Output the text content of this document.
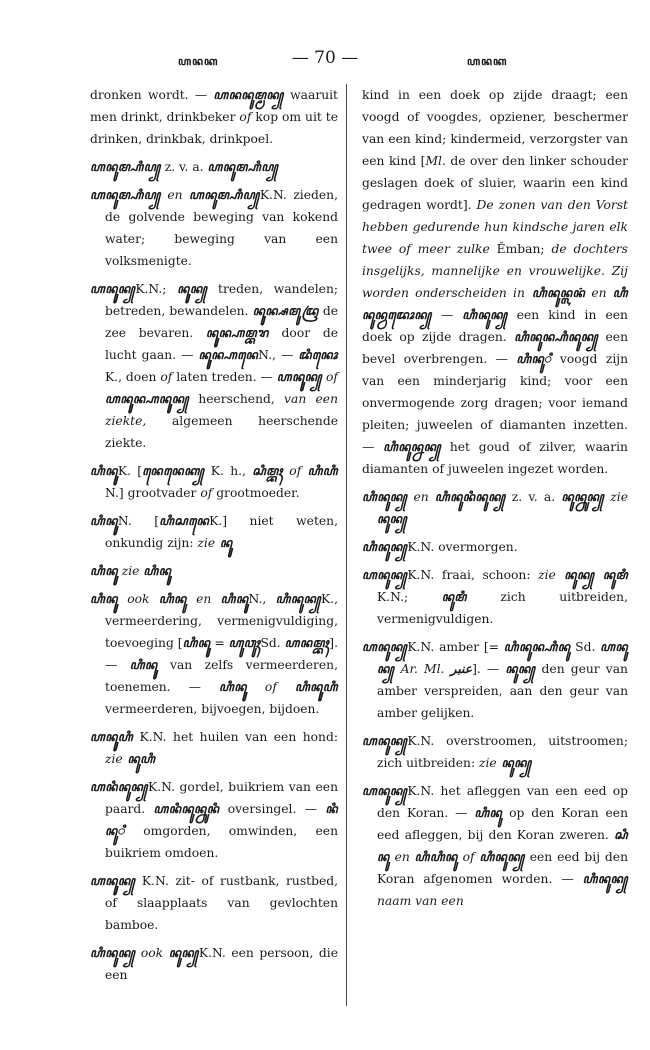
ꦲꦤꦏ	— 70 —	ꦲꦤꦏ

dronken wordt. — ꦲꦤꦤꦸꦩ꧀ꦩꦤ꧀ waaruit men drinkt, drinkbeker of kop om uit te drinken, drinkbak, drinkpoel.

ꦲꦤꦸꦩ꧀ꦲꦶꦥ꧀ z. v. a. ꦲꦤꦸꦩ꧀ꦲꦶꦥ꧀

ꦲꦤꦸꦩ꧀ꦲꦶꦥ꧀ en ꦲꦤꦸꦩ꧀ꦲꦶꦥ꧀K.N. zieden, de golvende beweging van kokend water; beweging van een volksmenigte.

ꦲꦤꦸꦸꦤ꧀K.N.; ꦤꦸꦸꦤ꧀ treden, wandelen; betreden, bewandelen. ꦤꦸꦸꦤ꧀ꦱꦩꦸꦢꦿ de zee bevaren. ꦤꦸꦸꦤ꧀ꦲꦩ꧀ꦧꦫ door de lucht gaan. — ꦤꦸꦸꦤ꧀ꦲꦤꦺN., — ꦢꦶꦤꦺꦴK., doen of laten treden. — ꦲꦤꦸꦸꦤ꧀ of ꦲꦤꦸꦸꦤ꧀ꦲꦤꦸꦸꦤ꧀ heerschend, van een ziekte, algemeen heerschende ziekte.

ꦲꦶꦤꦸꦸK. [ꦤꦺꦤꦺꦏ꧀ K. h., ꦱꦶꦩ꧀ꦧꦃ of ꦲꦶꦲꦶ N.] grootvader of grootmoeder.

ꦲꦶꦤꦸꦸN. [ꦲꦶꦱꦤꦺK.] niet weten, onkundig zijn: zie ꦤꦸꦸ

ꦲꦶꦤꦸꦸ zie ꦲꦶꦤꦸꦸ

ꦲꦶꦤꦸꦸ ook ꦲꦶꦤꦸ en ꦲꦶꦤꦸꦸN., ꦲꦶꦤꦸꦤ꧀K., vermeerdering, vermenigvuldiging, toevoeging [ꦲꦶꦤꦸꦸ = ꦲꦸꦮꦸꦃSd. ꦲꦤꦩ꧀ꦧꦃ].— ꦲꦶꦤꦸꦸ van zelfs vermeerderen, toenemen. — ꦲꦶꦤꦸꦸ of ꦲꦶꦤꦸꦸꦲꦶ vermeerderen, bijvoegen, bijdoen.

ꦲꦤꦸꦸꦲꦶ K.N. het huilen van een hond: zie ꦤꦸꦲꦶ

ꦲꦤꦶꦤꦸꦤ꧀K.N. gordel, buikriem van een paard. ꦲꦤꦶꦤꦸꦤ꧀ꦤꦸꦤꦶ oversingel. — ꦤꦶꦤꦸꦶ omgorden, omwinden, een buikriem omdoen.

ꦲꦤꦸꦸꦤ꧀ K.N. zit- of rustbank, rustbed, of slaapplaats van gevlochten bamboe.

ꦲꦶꦤꦸꦤ꧀ ook ꦤꦸꦤ꧀K.N. een persoon, die een

kind in een doek op zijde draagt; een voogd of voogdes, opziener, beschermer van een kind; kindermeid, verzorgster van een kind [Ml. de over den linker schouder geslagen doek of sluier, waarin een kind gedragen wordt]. De zonen van den Vorst hebben gedurende hun kindsche jaren elk twee of meer zulke Ěmban; de dochters insgelijks, mannelijke en vrouwelijke. Zij worden onderscheiden in ꦲꦶꦤꦸꦤ꧀ꦭꦤꦁ en ꦲꦶꦤꦸꦤ꧀ꦮꦢꦺꦴꦤ꧀ — ꦲꦶꦤꦸꦤ꧀ een kind in een doek op zijde dragen. ꦲꦶꦤꦸꦤ꧀ꦲꦶꦤꦸꦤ꧀ een bevel overbrengen. — ꦲꦶꦤꦸꦶ voogd zijn van een minderjarig kind; voor een onvermogende zorg dragen; voor iemand pleiten; juweelen of diamanten inzetten. — ꦲꦶꦤꦸꦤ꧀ꦤꦤ꧀ het goud of zilver, waarin diamanten of juweelen ingezet worden.

ꦲꦶꦤꦸꦤ꧀ en ꦲꦶꦤꦸꦤꦶꦤꦸꦤ꧀ z. v. a. ꦤꦸꦤ꧀ꦤꦸꦤ꧀ zie ꦤꦸꦤ꧀

ꦲꦶꦤꦸꦤ꧀K.N. overmorgen.

ꦲꦤꦸꦤ꧀K.N. fraai, schoon: zie ꦤꦸꦤ꧀ ꦤꦸꦩꦶK.N.; ꦤꦸꦩꦶ zich uitbreiden, vermenigvuldigen.

ꦲꦤꦸꦤ꧀K.N. amber [= ꦲꦶꦤꦸꦤ꧀ꦲꦶꦤꦸ Sd. ꦲꦤꦸꦤ꧀ Ar. Ml. عنبر]. — ꦤꦸꦤ꧀ den geur van amber verspreiden, aan den geur van amber gelijken.

ꦲꦤꦸꦤ꧀K.N. overstroomen, uitstroomen; zich uitbreiden: zie ꦤꦸꦤ꧀

ꦲꦤꦸꦤ꧀K.N. het afleggen van een eed op den Koran. — ꦲꦶꦤꦸ op den Koran een eed afleggen, bij den Koran zweren. ꦱꦶꦤꦸ en ꦲꦶꦲꦶꦤꦸ of ꦲꦶꦤꦸꦤ꧀ een eed bij den Koran afgenomen worden. — ꦲꦶꦤꦸꦤ꧀ naam van een
